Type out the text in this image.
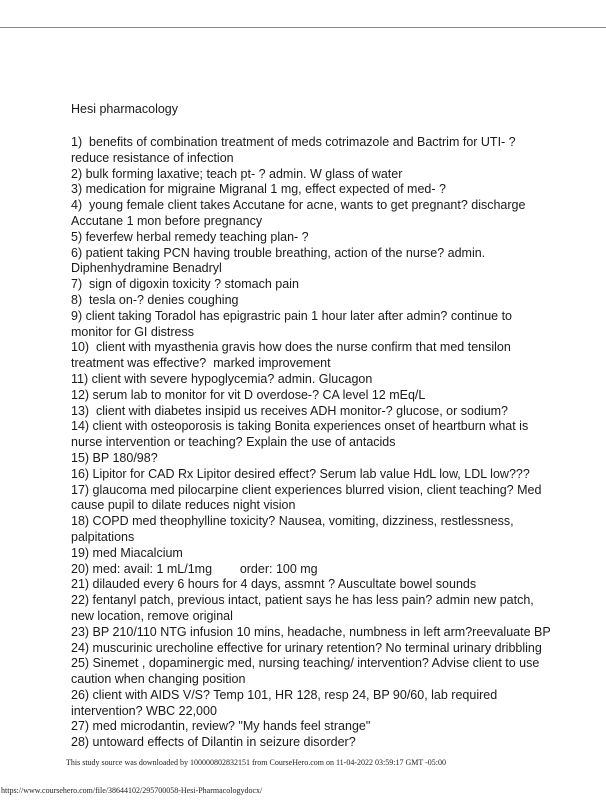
Hesi pharmacology
1)  benefits of combination treatment of meds cotrimazole and Bactrim for UTI- ?
reduce resistance of infection
2) bulk forming laxative; teach pt- ? admin. W glass of water
3) medication for migraine Migranal 1 mg, effect expected of med- ?
4)  young female client takes Accutane for acne, wants to get pregnant? discharge
Accutane 1 mon before pregnancy
5) feverfew herbal remedy teaching plan- ?
6) patient taking PCN having trouble breathing, action of the nurse? admin.
Diphenhydramine Benadryl
7)  sign of digoxin toxicity ? stomach pain
8)  tesla on-? denies coughing
9) client taking Toradol has epigrastric pain 1 hour later after admin? continue to
monitor for GI distress
10)  client with myasthenia gravis how does the nurse confirm that med tensilon
treatment was effective?  marked improvement
11) client with severe hypoglycemia? admin. Glucagon
12) serum lab to monitor for vit D overdose-? CA level 12 mEq/L
13)  client with diabetes insipid us receives ADH monitor-? glucose, or sodium?
14) client with osteoporosis is taking Bonita experiences onset of heartburn what is
nurse intervention or teaching? Explain the use of antacids
15) BP 180/98?
16) Lipitor for CAD Rx Lipitor desired effect? Serum lab value HdL low, LDL low???
17) glaucoma med pilocarpine client experiences blurred vision, client teaching? Med
cause pupil to dilate reduces night vision
18) COPD med theophylline toxicity? Nausea, vomiting, dizziness, restlessness,
palpitations
19) med Miacalcium
20) med: avail: 1 mL/1mg        order: 100 mg
21) dilauded every 6 hours for 4 days, assmnt ? Auscultate bowel sounds
22) fentanyl patch, previous intact, patient says he has less pain? admin new patch,
new location, remove original
23) BP 210/110 NTG infusion 10 mins, headache, numbness in left arm?reevaluate BP
24) muscurinic urecholine effective for urinary retention? No terminal urinary dribbling
25) Sinemet , dopaminergic med, nursing teaching/ intervention? Advise client to use
caution when changing position
26) client with AIDS V/S? Temp 101, HR 128, resp 24, BP 90/60, lab required
intervention? WBC 22,000
27) med microdantin, review? "My hands feel strange"
28) untoward effects of Dilantin in seizure disorder?
This study source was downloaded by 100000802832151 from CourseHero.com on 11-04-2022 03:59:17 GMT -05:00
https://www.coursehero.com/file/38644102/295700058-Hesi-Pharmacologydocx/
